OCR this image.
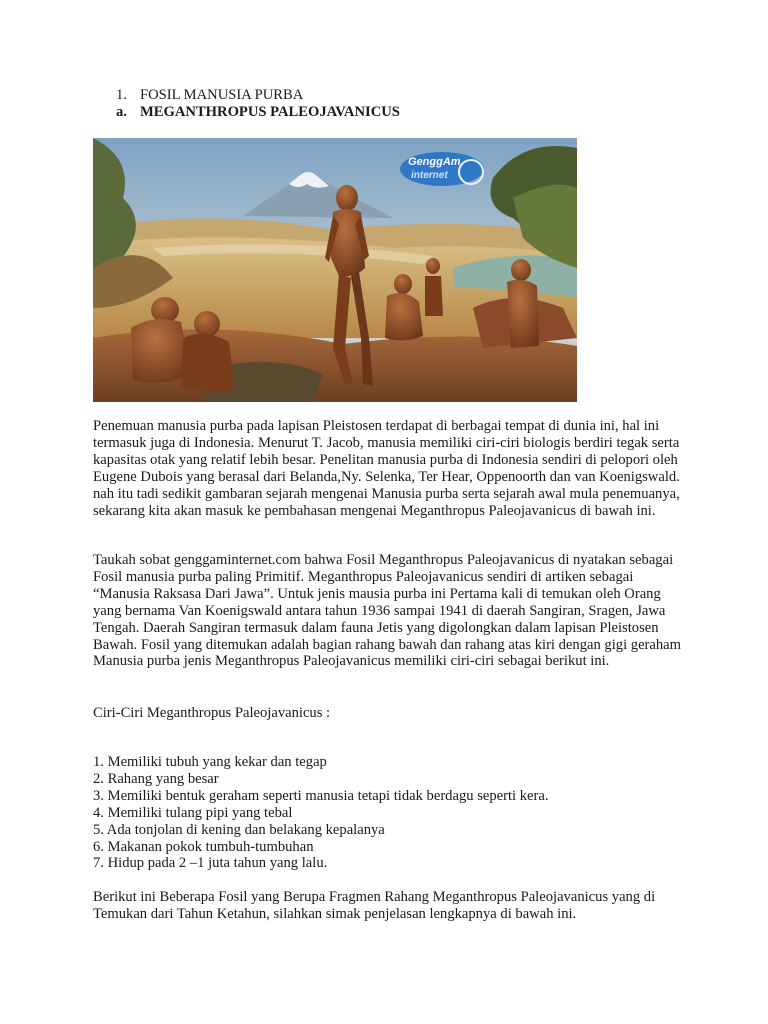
1. FOSIL MANUSIA PURBA
a. MEGANTHROPUS PALEOJAVANICUS
GenggAm
internet

Penemuan manusia purba pada lapisan Pleistosen terdapat di berbagai tempat di dunia ini, hal ini termasuk juga di Indonesia. Menurut T. Jacob, manusia memiliki ciri-ciri biologis berdiri tegak serta kapasitas otak yang relatif lebih besar. Penelitan manusia purba di Indonesia sendiri di pelopori oleh Eugene Dubois yang berasal dari Belanda,Ny. Selenka, Ter Hear, Oppenoorth dan van Koenigswald. nah itu tadi sedikit gambaran sejarah mengenai Manusia purba serta sejarah awal mula penemuanya, sekarang kita akan masuk ke pembahasan mengenai Meganthropus Paleojavanicus di bawah ini.

Taukah sobat genggaminternet.com bahwa Fosil Meganthropus Paleojavanicus di nyatakan sebagai Fosil manusia purba paling Primitif. Meganthropus Paleojavanicus sendiri di artiken sebagai “Manusia Raksasa Dari Jawa”. Untuk jenis mausia purba ini Pertama kali di temukan oleh Orang yang bernama Van Koenigswald antara tahun 1936 sampai 1941 di daerah Sangiran, Sragen, Jawa Tengah. Daerah Sangiran termasuk dalam fauna Jetis yang digolongkan dalam lapisan Pleistosen Bawah. Fosil yang ditemukan adalah bagian rahang bawah dan rahang atas kiri dengan gigi geraham Manusia purba jenis Meganthropus Paleojavanicus memiliki ciri-ciri sebagai berikut ini.

Ciri-Ciri Meganthropus Paleojavanicus :

1. Memiliki tubuh yang kekar dan tegap
2. Rahang yang besar
3. Memiliki bentuk geraham seperti manusia tetapi tidak berdagu seperti kera.
4. Memiliki tulang pipi yang tebal
5. Ada tonjolan di kening dan belakang kepalanya
6. Makanan pokok tumbuh-tumbuhan
7. Hidup pada 2 –1 juta tahun yang lalu.

Berikut ini Beberapa Fosil yang Berupa Fragmen Rahang Meganthropus Paleojavanicus yang di Temukan dari Tahun Ketahun, silahkan simak penjelasan lengkapnya di bawah ini.
